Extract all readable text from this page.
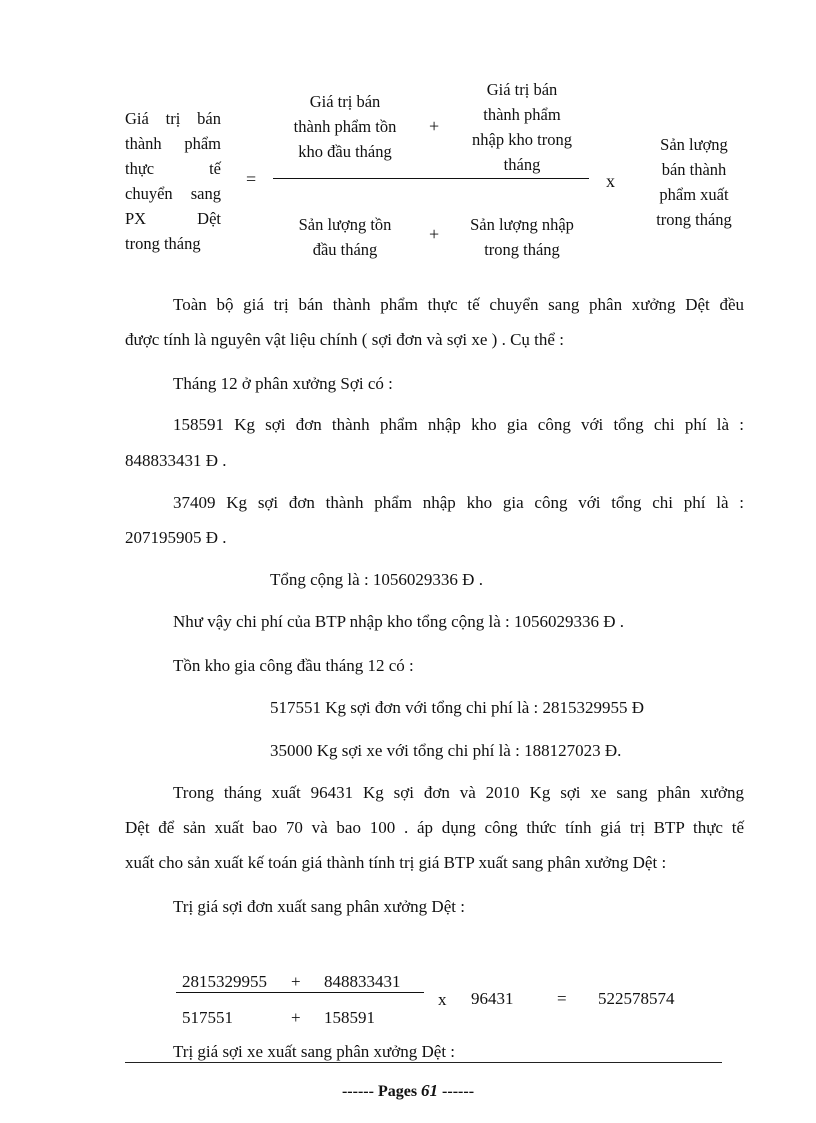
Giá trị bán
thành phẩm
thực tế
chuyển sang
PX Dệt
trong tháng
=
Giá trị bán
thành phẩm tồn
kho đầu tháng
+
Giá trị bán
thành phẩm
nhập kho trong
tháng
Sản lượng tồn
đầu tháng
+	Sản lượng nhập
trong tháng
x
Sản lượng
bán thành
phẩm xuất
trong tháng
Toàn bộ giá trị bán thành phẩm thực tế chuyển sang phân xưởng Dệt đều
được tính là nguyên vật liệu chính ( sợi đơn và sợi xe ) . Cụ thể :
Tháng 12 ở phân xưởng Sợi có :
158591 Kg sợi đơn thành phẩm nhập kho gia công với tổng chi phí là :
848833431 Đ .
37409 Kg sợi đơn thành phẩm nhập kho gia công với tổng chi phí là :
207195905 Đ .
Tổng cộng là : 1056029336 Đ .
Như vậy chi phí của BTP nhập kho tổng cộng là : 1056029336 Đ .
Tồn kho gia công đầu tháng 12 có :
517551 Kg sợi đơn với tổng chi phí là : 2815329955 Đ
35000 Kg sợi xe với tổng chi phí là : 188127023 Đ.
Trong tháng xuất 96431 Kg sợi đơn và 2010 Kg sợi xe sang phân xưởng
Dệt để sản xuất bao 70 và bao 100 . áp dụng công thức tính giá trị BTP thực tế
xuất cho sản xuất kế toán giá thành tính trị giá BTP xuất sang phân xưởng Dệt :
Trị giá sợi đơn xuất sang phân xưởng Dệt :
2815329955 + 848833431
517551	+ 158591
x 96431	= 522578574
Trị giá sợi xe xuất sang phân xưởng Dệt :
------ Pages 61 ------
